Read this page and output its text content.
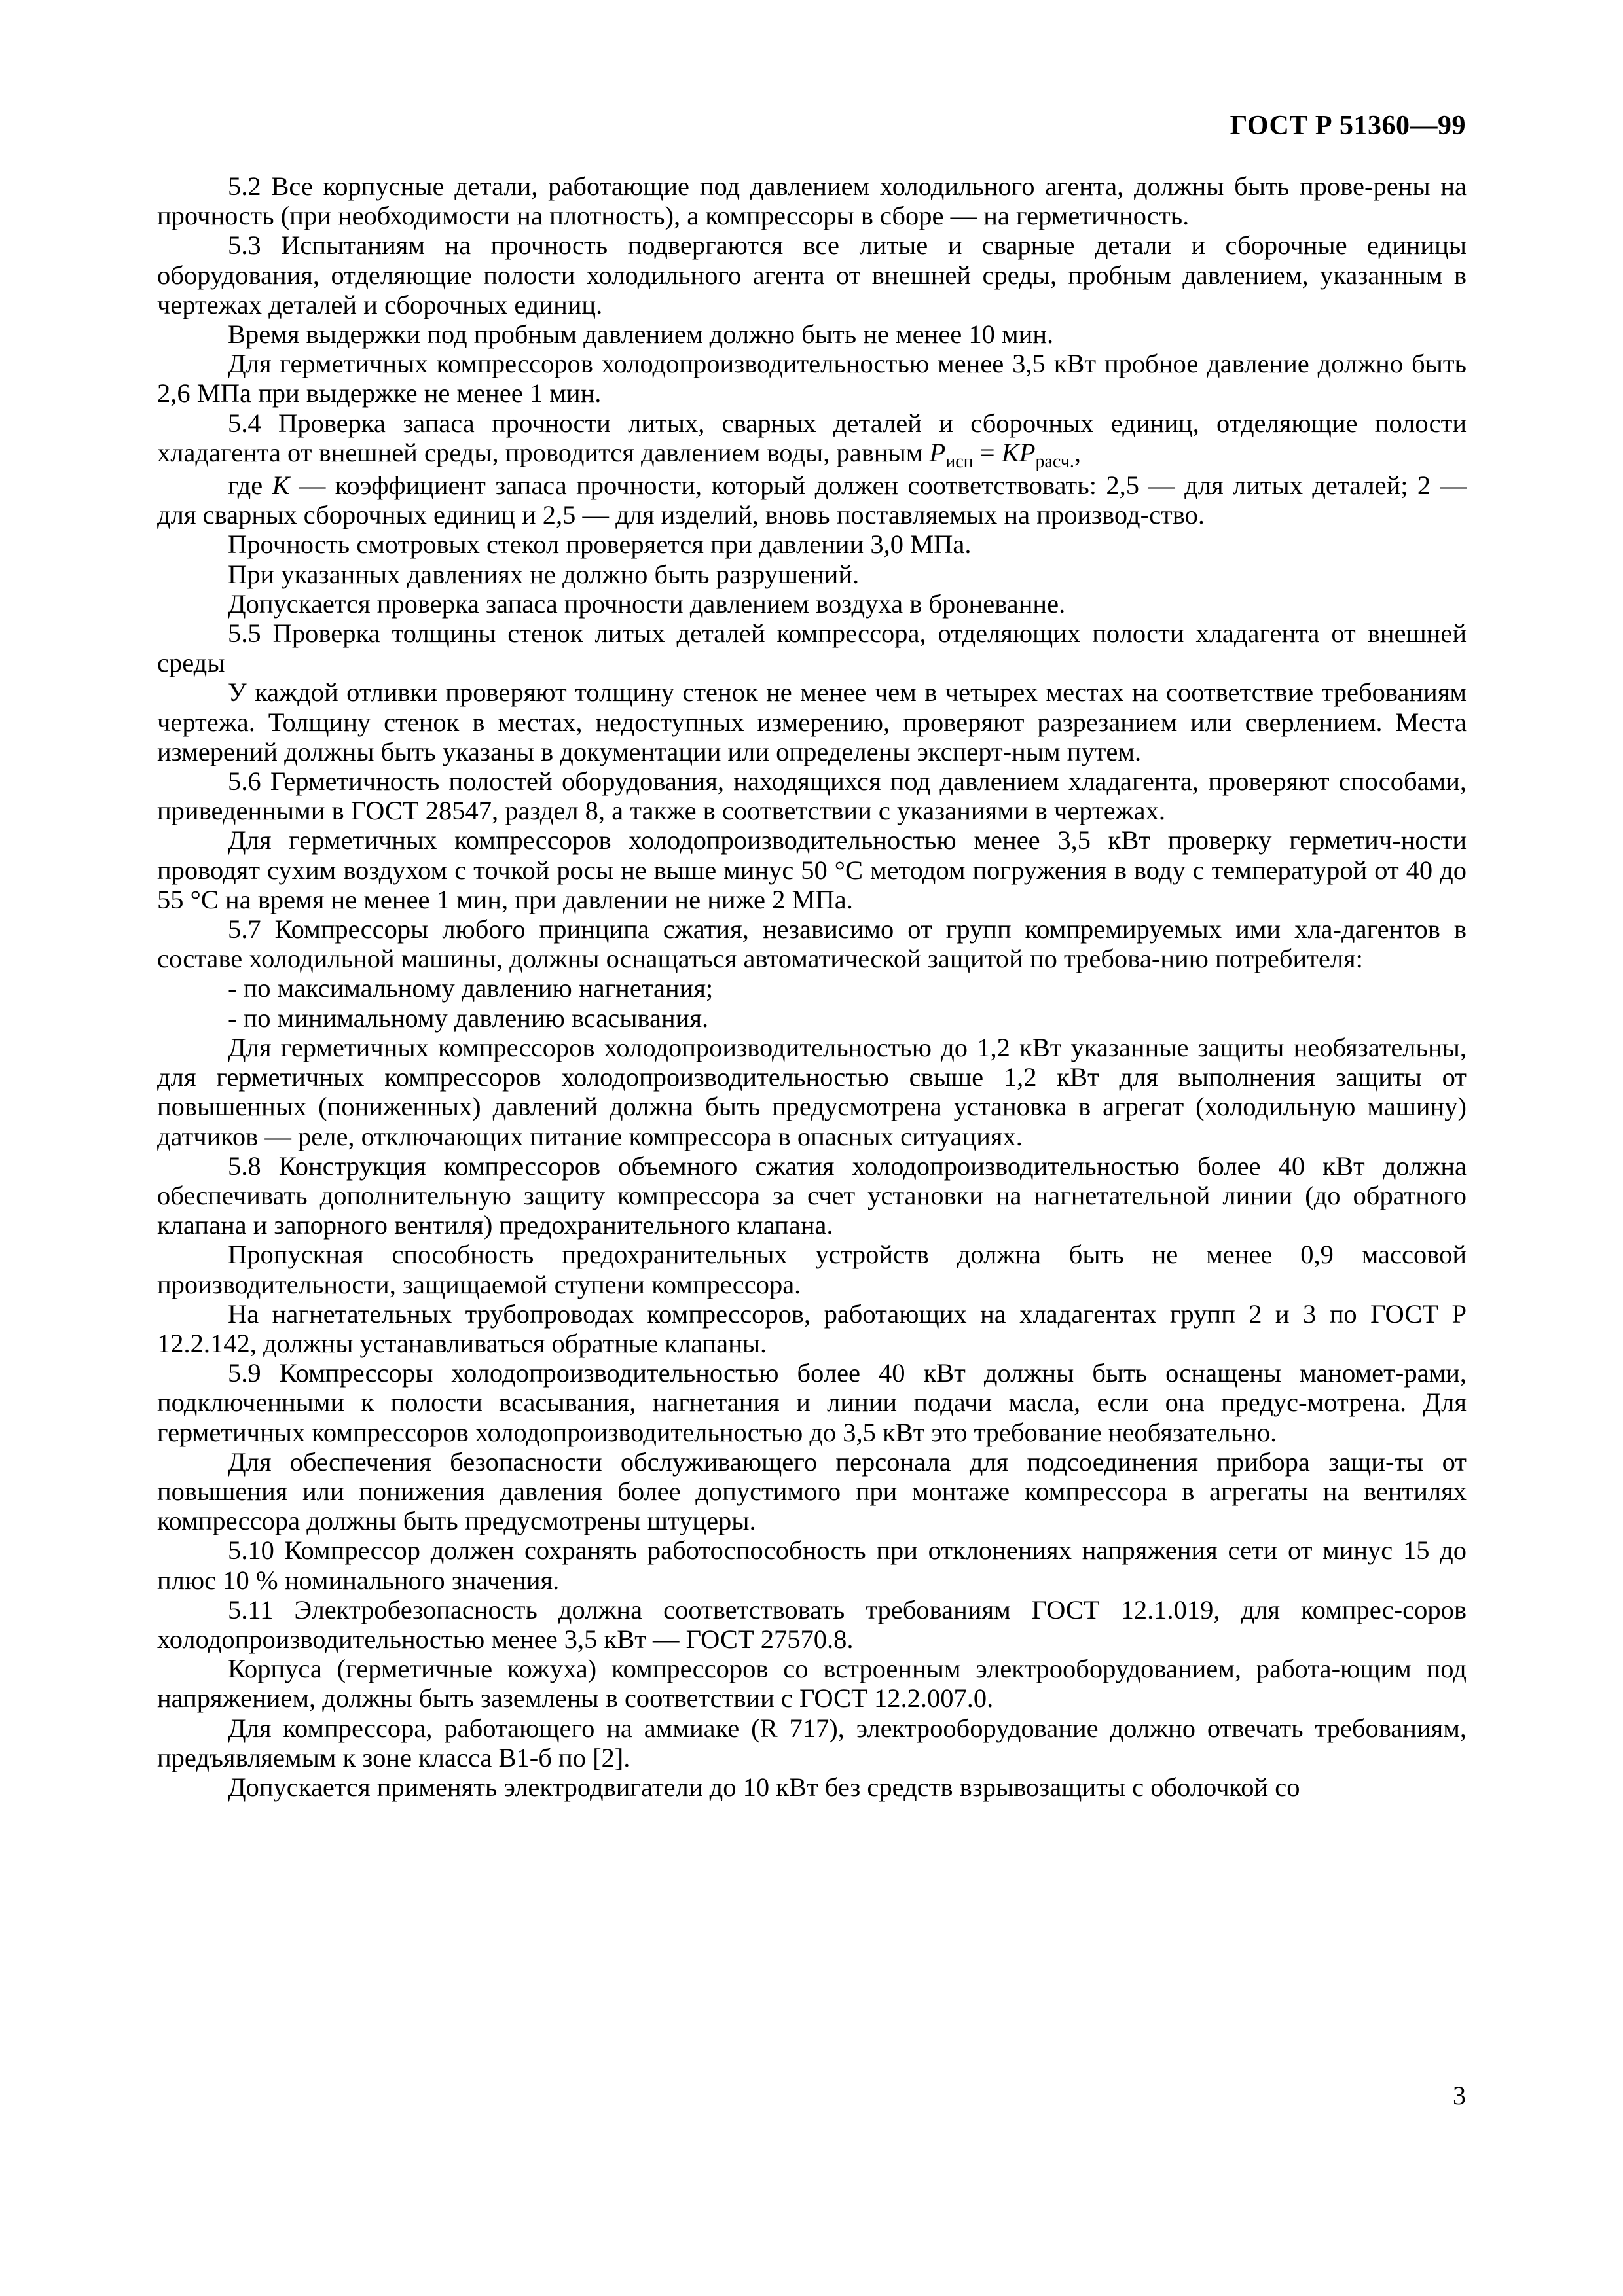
ГОСТ Р 51360—99

5.2 Все корпусные детали, работающие под давлением холодильного агента, должны быть прове-рены на прочность (при необходимости на плотность), а компрессоры в сборе — на герметичность.

5.3 Испытаниям на прочность подвергаются все литые и сварные детали и сборочные единицы оборудования, отделяющие полости холодильного агента от внешней среды, пробным давлением, указанным в чертежах деталей и сборочных единиц.

Время выдержки под пробным давлением должно быть не менее 10 мин.

Для герметичных компрессоров холодопроизводительностью менее 3,5 кВт пробное давление должно быть 2,6 МПа при выдержке не менее 1 мин.

5.4 Проверка запаса прочности литых, сварных деталей и сборочных единиц, отделяющие полости хладагента от внешней среды, проводится давлением воды, равным $P_{исп} = KP_{расч.}$,

где K — коэффициент запаса прочности, который должен соответствовать: 2,5 — для литых деталей; 2 — для сварных сборочных единиц и 2,5 — для изделий, вновь поставляемых на производ-ство.

Прочность смотровых стекол проверяется при давлении 3,0 МПа.

При указанных давлениях не должно быть разрушений.

Допускается проверка запаса прочности давлением воздуха в броневанне.

5.5 Проверка толщины стенок литых деталей компрессора, отделяющих полости хладагента от внешней среды

У каждой отливки проверяют толщину стенок не менее чем в четырех местах на соответствие требованиям чертежа. Толщину стенок в местах, недоступных измерению, проверяют разрезанием или сверлением. Места измерений должны быть указаны в документации или определены эксперт-ным путем.

5.6 Герметичность полостей оборудования, находящихся под давлением хладагента, проверяют способами, приведенными в ГОСТ 28547, раздел 8, а также в соответствии с указаниями в чертежах.

Для герметичных компрессоров холодопроизводительностью менее 3,5 кВт проверку герметич-ности проводят сухим воздухом с точкой росы не выше минус 50 °С методом погружения в воду с температурой от 40 до 55 °С на время не менее 1 мин, при давлении не ниже 2 МПа.

5.7 Компрессоры любого принципа сжатия, независимо от групп компремируемых ими хла-дагентов в составе холодильной машины, должны оснащаться автоматической защитой по требова-нию потребителя:

- по максимальному давлению нагнетания;

- по минимальному давлению всасывания.

Для герметичных компрессоров холодопроизводительностью до 1,2 кВт указанные защиты необязательны, для герметичных компрессоров холодопроизводительностью свыше 1,2 кВт для выполнения защиты от повышенных (пониженных) давлений должна быть предусмотрена установка в агрегат (холодильную машину) датчиков — реле, отключающих питание компрессора в опасных ситуациях.

5.8 Конструкция компрессоров объемного сжатия холодопроизводительностью более 40 кВт должна обеспечивать дополнительную защиту компрессора за счет установки на нагнетательной линии (до обратного клапана и запорного вентиля) предохранительного клапана.

Пропускная способность предохранительных устройств должна быть не менее 0,9 массовой производительности, защищаемой ступени компрессора.

На нагнетательных трубопроводах компрессоров, работающих на хладагентах групп 2 и 3 по ГОСТ Р 12.2.142, должны устанавливаться обратные клапаны.

5.9 Компрессоры холодопроизводительностью более 40 кВт должны быть оснащены маномет-рами, подключенными к полости всасывания, нагнетания и линии подачи масла, если она предус-мотрена. Для герметичных компрессоров холодопроизводительностью до 3,5 кВт это требование необязательно.

Для обеспечения безопасности обслуживающего персонала для подсоединения прибора защи-ты от повышения или понижения давления более допустимого при монтаже компрессора в агрегаты на вентилях компрессора должны быть предусмотрены штуцеры.

5.10 Компрессор должен сохранять работоспособность при отклонениях напряжения сети от минус 15 до плюс 10 % номинального значения.

5.11 Электробезопасность должна соответствовать требованиям ГОСТ 12.1.019, для компрес-соров холодопроизводительностью менее 3,5 кВт — ГОСТ 27570.8.

Корпуса (герметичные кожуха) компрессоров со встроенным электрооборудованием, работа-ющим под напряжением, должны быть заземлены в соответствии с ГОСТ 12.2.007.0.

Для компрессора, работающего на аммиаке (R 717), электрооборудование должно отвечать требованиям, предъявляемым к зоне класса В1-б по [2].

Допускается применять электродвигатели до 10 кВт без средств взрывозащиты с оболочкой со

3
